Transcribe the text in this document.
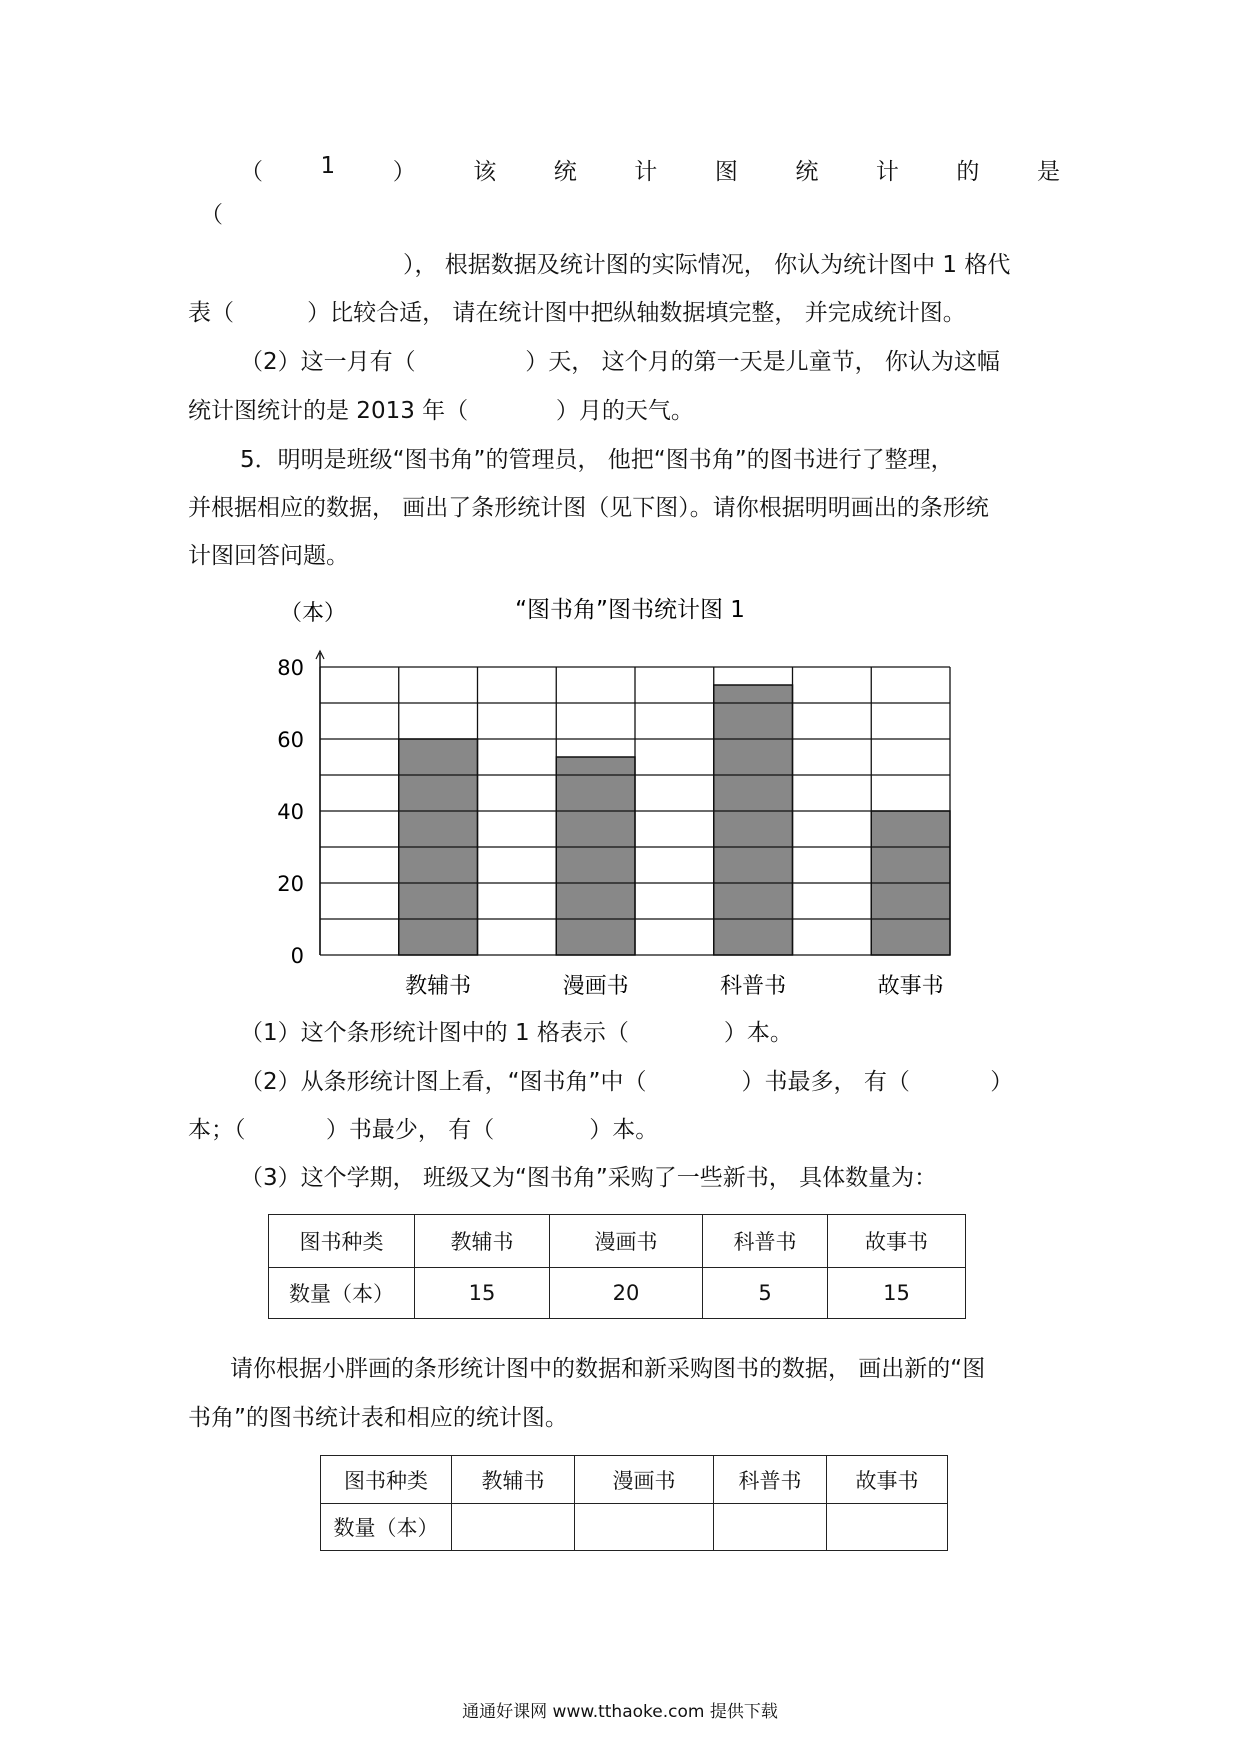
（	1	）	该	统	计	图	统	计	的	是
（
）， 根据数据及统计图的实际情况， 你认为统计图中 1 格代
表（          ）比较合适， 请在统计图中把纵轴数据填完整， 并完成统计图。
（2）这一月有（               ）天， 这个月的第一天是儿童节， 你认为这幅
统计图统计的是 2013 年（            ）月的天气。
5．明明是班级“图书角”的管理员， 他把“图书角”的图书进行了整理，
并根据相应的数据， 画出了条形统计图（见下图）。请你根据明明画出的条形统
计图回答问题。
“图书角”图书统计图 1
（本）
0
20
40
60
80
教辅书	漫画书	科普书	故事书
（1）这个条形统计图中的 1 格表示（             ）本。
（2）从条形统计图上看，“图书角”中（             ）书最多， 有（           ）
本；（           ）书最少， 有（             ）本。
（3）这个学期， 班级又为“图书角”采购了一些新书， 具体数量为：
图书种类	教辅书	漫画书	科普书	故事书
数量（本）	15	20	5	15
请你根据小胖画的条形统计图中的数据和新采购图书的数据， 画出新的“图
书角”的图书统计表和相应的统计图。
图书种类	教辅书	漫画书	科普书	故事书
数量（本）				
通通好课网 www.tthaoke.com 提供下载
